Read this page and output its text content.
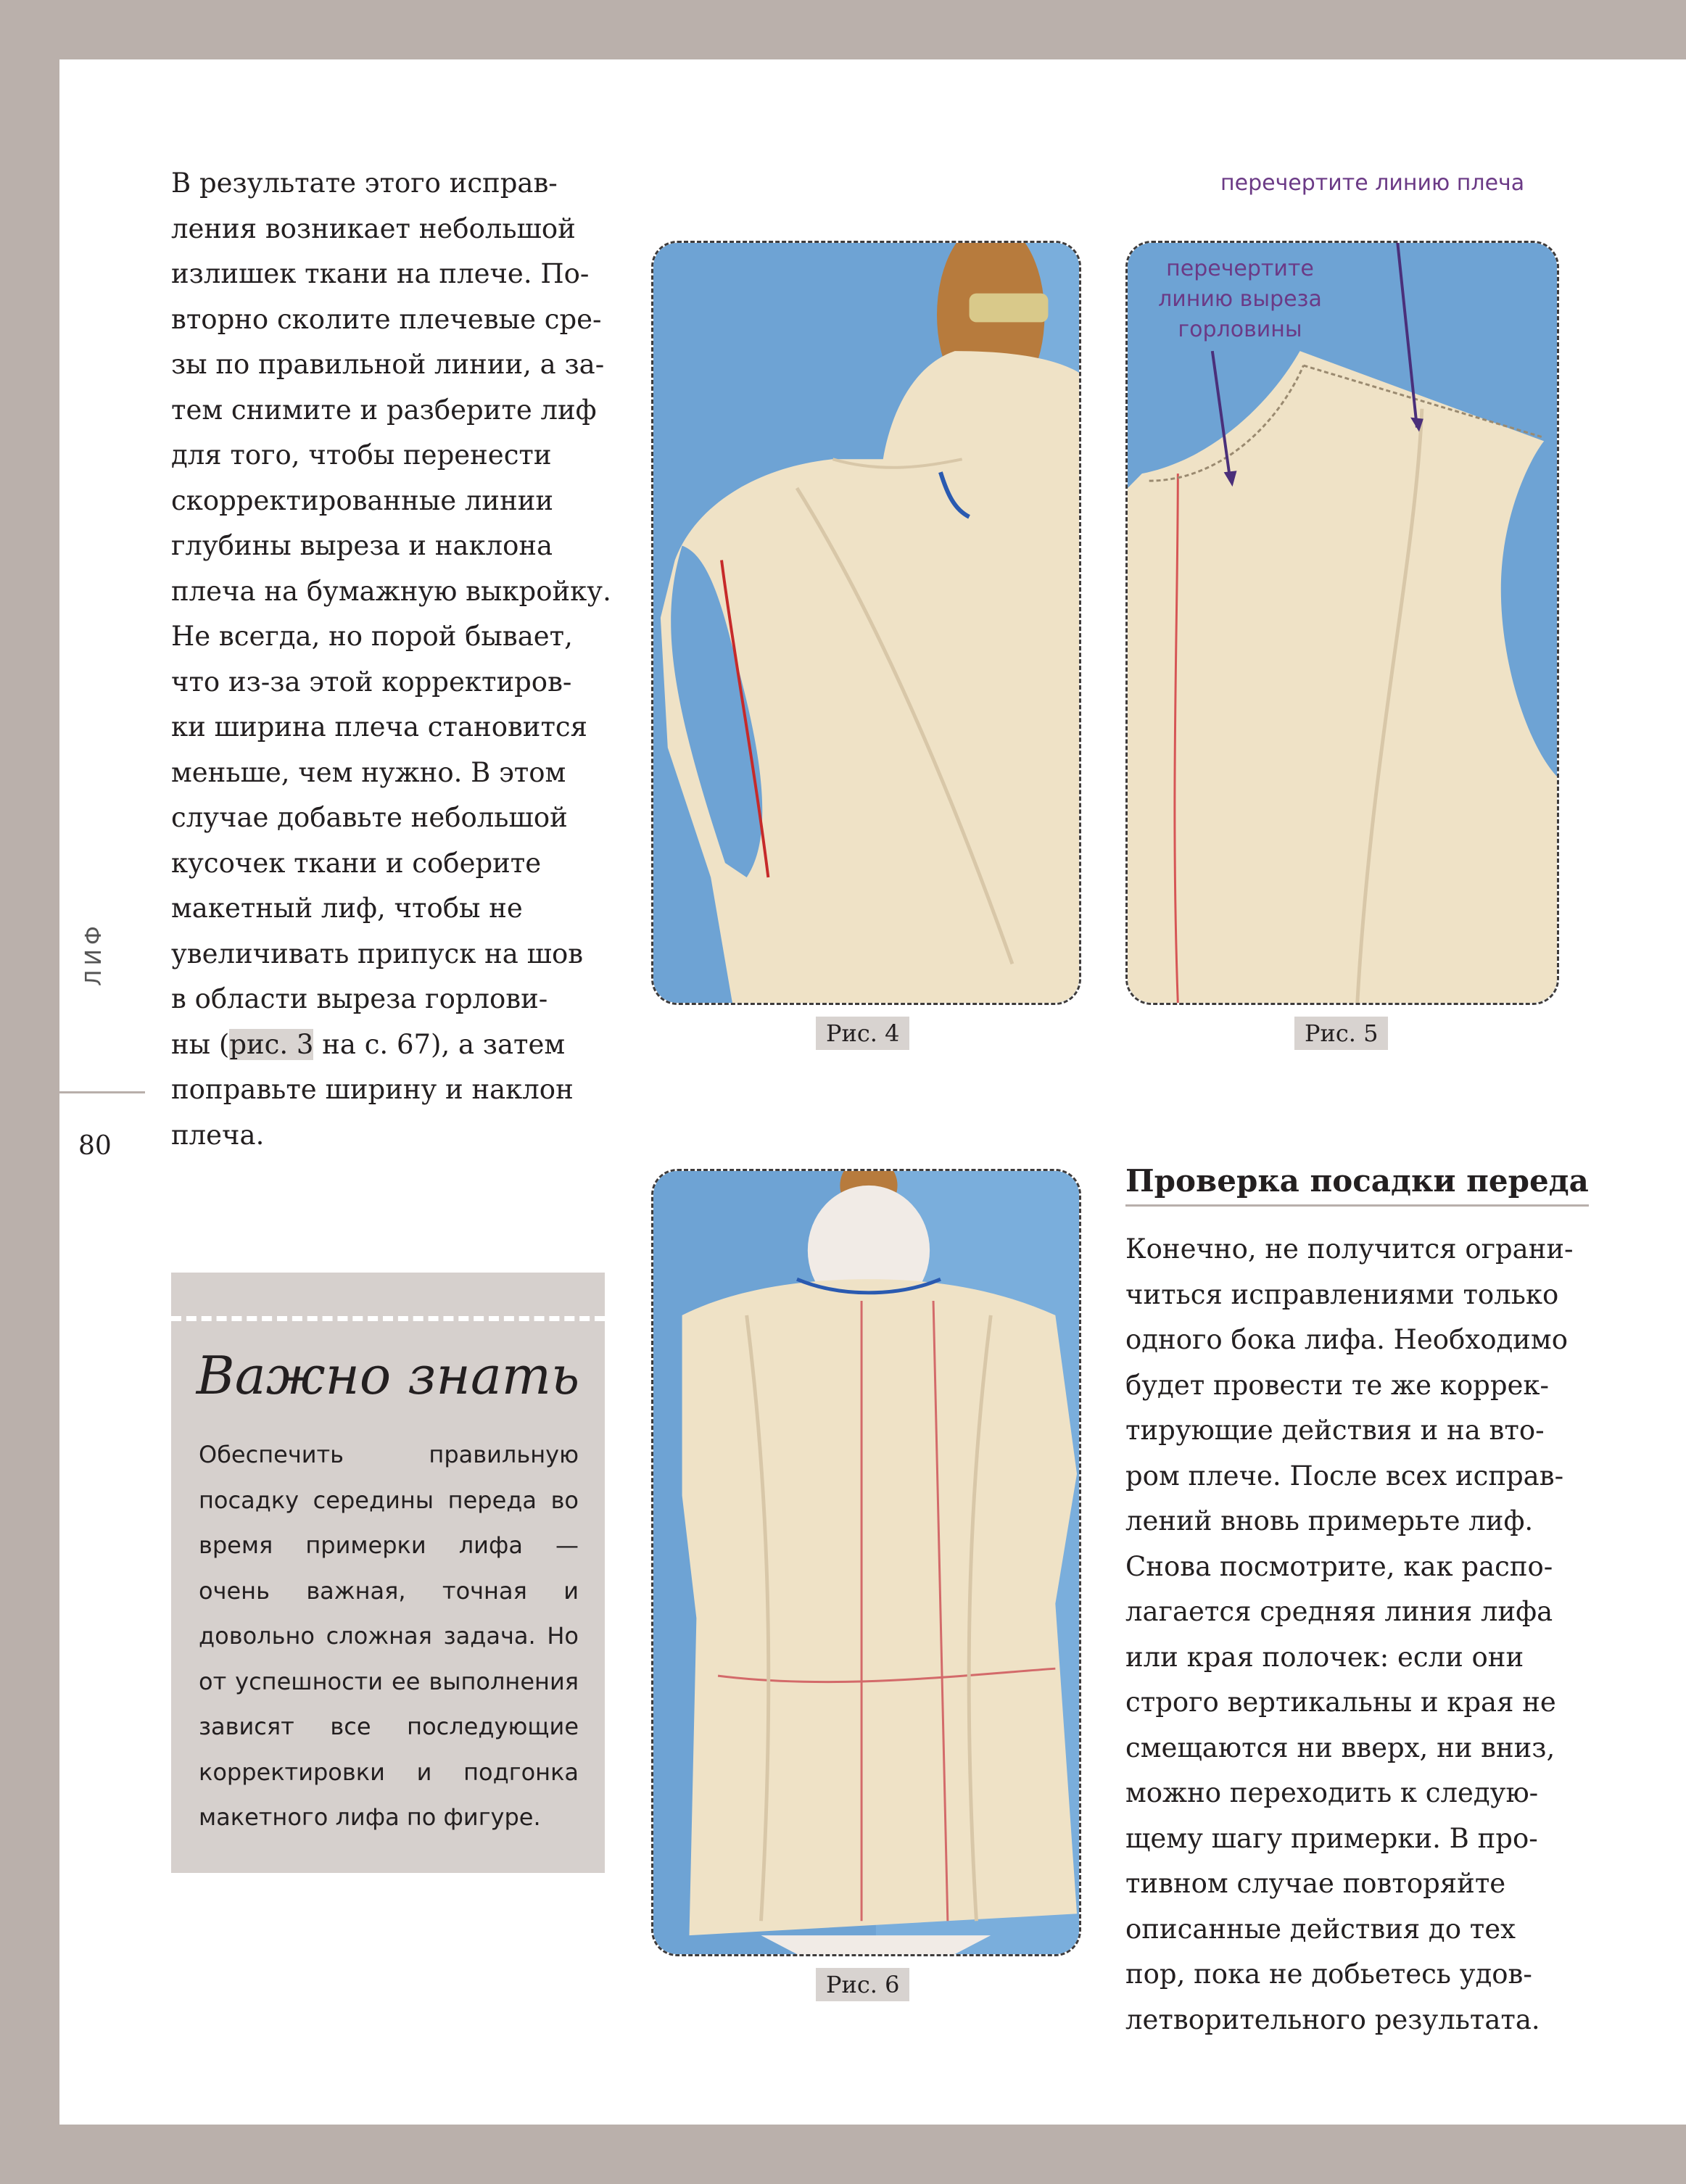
ЛИФ
80
В результате этого исправ-
ления возникает небольшой
излишек ткани на плече. По-
вторно сколите плечевые сре-
зы по правильной линии, а за-
тем снимите и разберите лиф
для того, чтобы перенести
скорректированные линии
глубины выреза и наклона
плеча на бумажную выкройку.
Не всегда, но порой бывает,
что из-за этой корректиров-
ки ширина плеча становится
меньше, чем нужно. В этом
случае добавьте небольшой
кусочек ткани и соберите
макетный лиф, чтобы не
увеличивать припуск на шов
в области выреза горлови-
ны (рис. 3 на с. 67), а затем
поправьте ширину и наклон
плеча.
Рис. 4
перечертите линию плеча
перечертите
линию выреза
горловины
Рис. 5
Рис. 6
Важно знать
Обеспечить правильную посадку середины переда во время примерки лифа — очень важная, точная и довольно сложная задача. Но от успешности ее выполнения зависят все последующие корректировки и подгонка макетного лифа по фигуре.
Проверка посадки переда
Конечно, не получится ограни-
читься исправлениями только
одного бока лифа. Необходимо
будет провести те же коррек-
тирующие действия и на вто-
ром плече. После всех исправ-
лений вновь примерьте лиф.
Снова посмотрите, как распо-
лагается средняя линия лифа
или края полочек: если они
строго вертикальны и края не
смещаются ни вверх, ни вниз,
можно переходить к следую-
щему шагу примерки. В про-
тивном случае повторяйте
описанные действия до тех
пор, пока не добьетесь удов-
летворительного результата.
